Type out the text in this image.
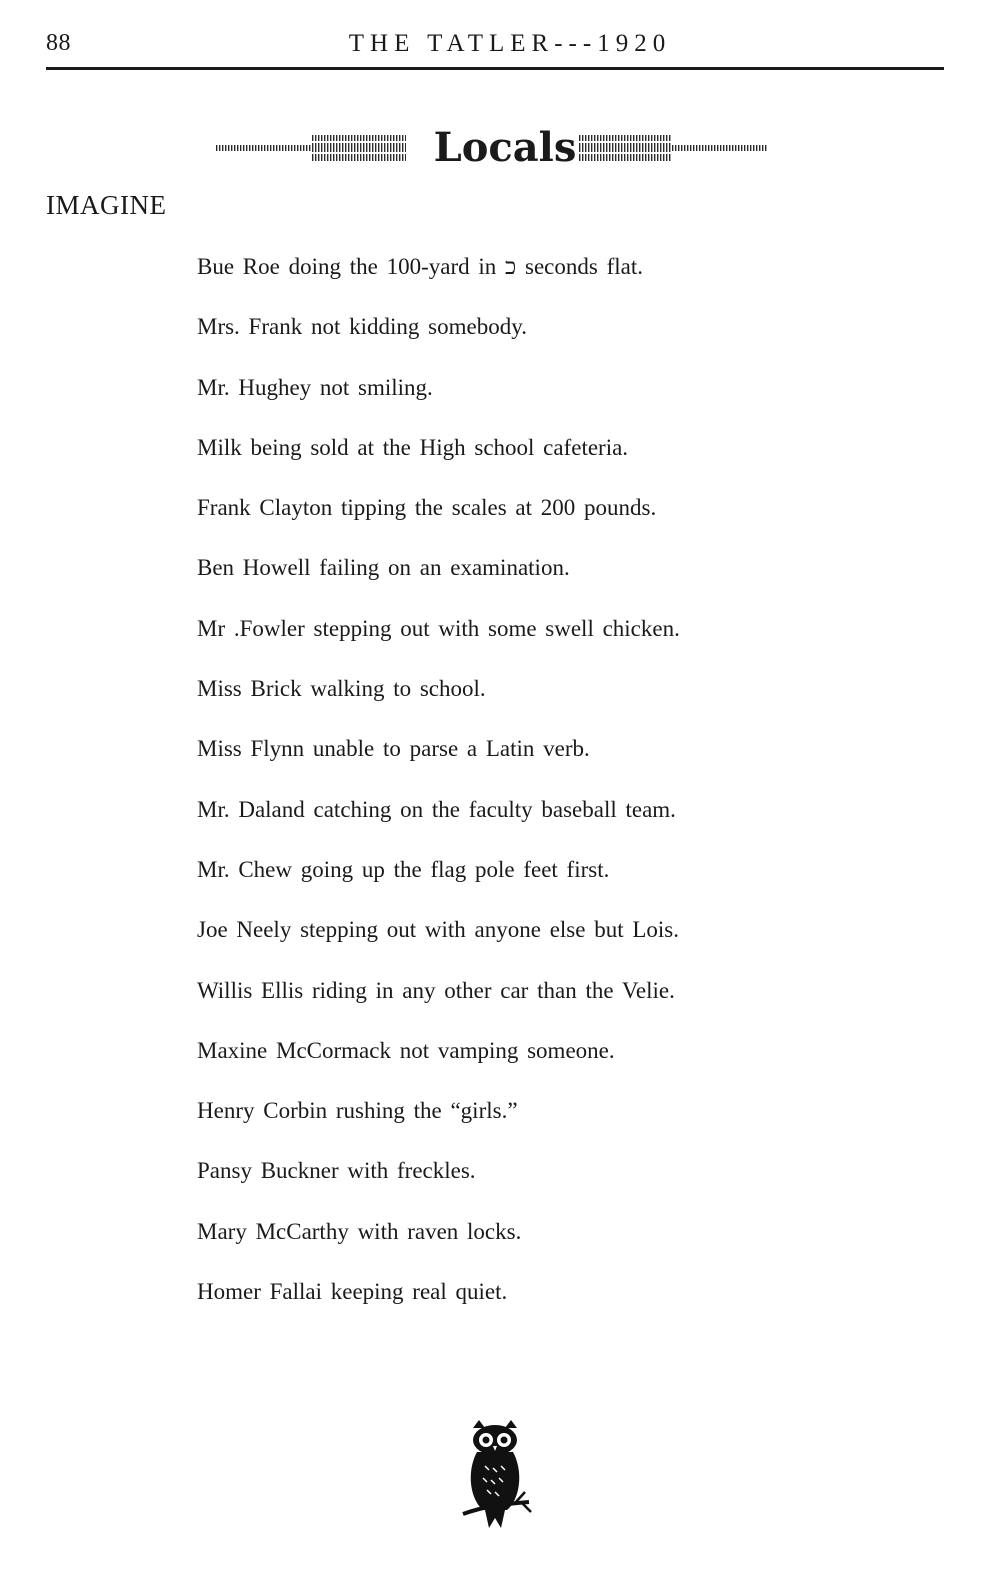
88	THE TATLER---1920
Locals
IMAGINE
Bue Roe doing the 100-yard in כ seconds flat.
Mrs. Frank not kidding somebody.
Mr. Hughey not smiling.
Milk being sold at the High school cafeteria.
Frank Clayton tipping the scales at 200 pounds.
Ben Howell failing on an examination.
Mr .Fowler stepping out with some swell chicken.
Miss Brick walking to school.
Miss Flynn unable to parse a Latin verb.
Mr. Daland catching on the faculty baseball team.
Mr. Chew going up the flag pole feet first.
Joe Neely stepping out with anyone else but Lois.
Willis Ellis riding in any other car than the Velie.
Maxine McCormack not vamping someone.
Henry Corbin rushing the “girls.”
Pansy Buckner with freckles.
Mary McCarthy with raven locks.
Homer Fallai keeping real quiet.
